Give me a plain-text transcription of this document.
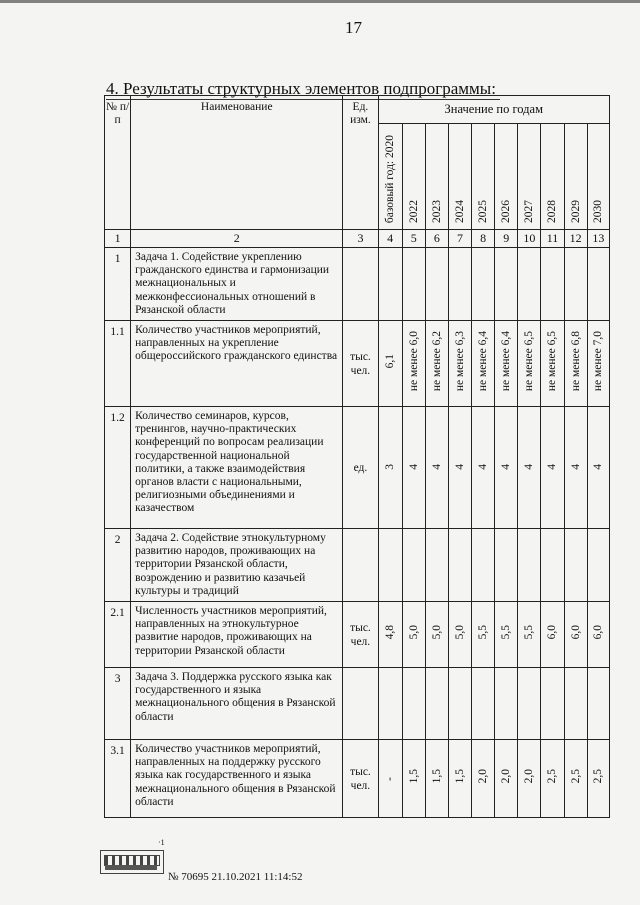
17
4. Результаты структурных элементов подпрограммы:
№ п/п	Наименование	Ед. изм.	Значение по годам									

			базовый год: 2020	2022	2023	2024	2025	2026	2027	2028	2029	2030

1	2	3	4	5	6	7	8	9	10	11	12	13
1	Задача 1. Содействие укреплению гражданского единства и гармонизации межнациональных и межконфессиональных отношений в Рязанской области											
1.1	Количество участников мероприятий, направленных на укрепление общероссийского гражданского единства	тыс. чел.	6,1	не менее 6,0	не менее 6,2	не менее 6,3	не менее 6,4	не менее 6,4	не менее 6,5	не менее 6,5	не менее 6,8	не менее 7,0
1.2	Количество семинаров, курсов, тренингов, научно-практических конференций по вопросам реализации государственной национальной политики, а также взаимодействия органов власти с национальными, религиозными объединениями и казачеством	ед.	3	4	4	4	4	4	4	4	4	4
2	Задача 2. Содействие этнокультурному развитию народов, проживающих на территории Рязанской области, возрождению и развитию казачьей культуры и традиций											
2.1	Численность участников мероприятий, направленных на этнокультурное развитие народов, проживающих на территории Рязанской области	тыс. чел.	4,8	5,0	5,0	5,0	5,5	5,5	5,5	6,0	6,0	6,0
3	Задача 3. Поддержка русского языка как государственного и языка межнационального общения в Рязанской области											
3.1	Количество участников мероприятий, направленных на поддержку русского языка как государственного и языка межнационального общения в Рязанской области	тыс. чел.	-	1,5	1,5	1,5	2,0	2,0	2,0	2,5	2,5	2,5
·1
№ 70695 21.10.2021 11:14:52
